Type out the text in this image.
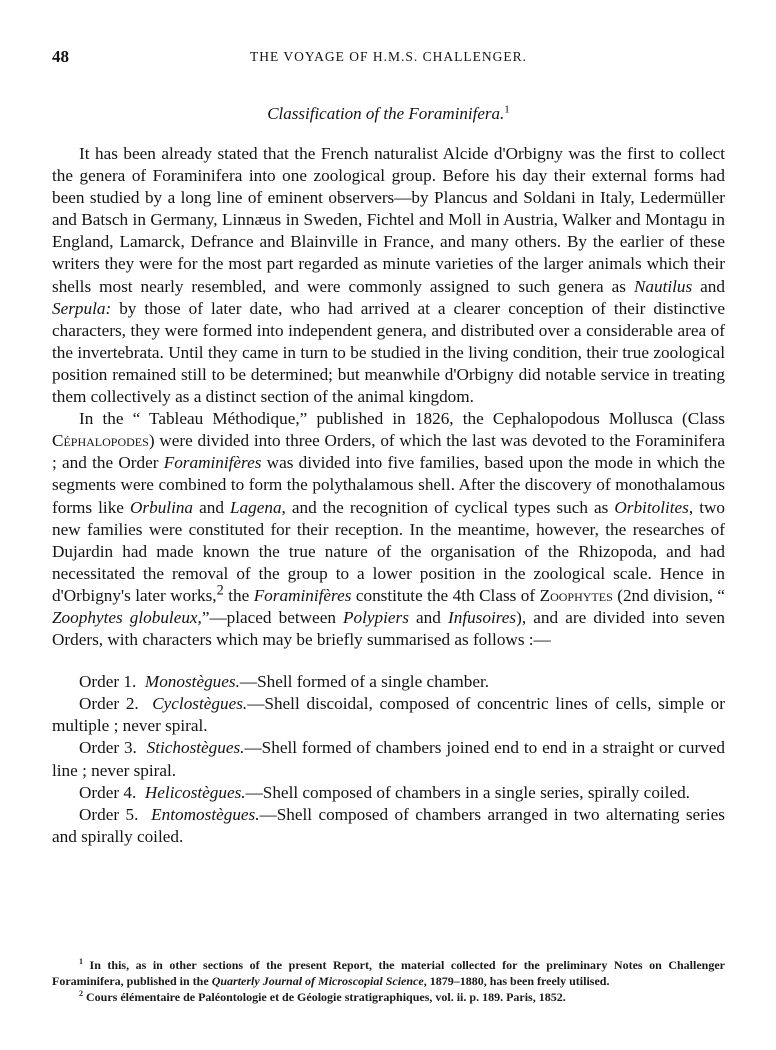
48	THE VOYAGE OF H.M.S. CHALLENGER.
Classification of the Foraminifera.$^1$

It has been already stated that the French naturalist Alcide d'Orbigny was the first to collect the genera of Foraminifera into one zoological group. Before his day their external forms had been studied by a long line of eminent observers—by Plancus and Soldani in Italy, Ledermüller and Batsch in Germany, Linnæus in Sweden, Fichtel and Moll in Austria, Walker and Montagu in England, Lamarck, Defrance and Blainville in France, and many others. By the earlier of these writers they were for the most part regarded as minute varieties of the larger animals which their shells most nearly resembled, and were commonly assigned to such genera as Nautilus and Serpula: by those of later date, who had arrived at a clearer conception of their distinctive characters, they were formed into independent genera, and distributed over a considerable area of the invertebrata. Until they came in turn to be studied in the living condition, their true zoological position remained still to be determined; but meanwhile d'Orbigny did notable service in treating them collectively as a distinct section of the animal kingdom.

In the “ Tableau Méthodique,” published in 1826, the Cephalopodous Mollusca (Class Céphalopodes) were divided into three Orders, of which the last was devoted to the Foraminifera ; and the Order Foraminifères was divided into five families, based upon the mode in which the segments were combined to form the polythalamous shell. After the discovery of monothalamous forms like Orbulina and Lagena, and the recognition of cyclical types such as Orbitolites, two new families were constituted for their reception. In the meantime, however, the researches of Dujardin had made known the true nature of the organisation of the Rhizopoda, and had necessitated the removal of the group to a lower position in the zoological scale. Hence in d'Orbigny's later works,$^2$ the Foraminifères constitute the 4th Class of Zoophytes (2nd division, “ Zoophytes globuleux,”—placed between Polypiers and Infusoires), and are divided into seven Orders, with characters which may be briefly summarised as follows :—

Order 1. Monostègues.—Shell formed of a single chamber.

Order 2. Cyclostègues.—Shell discoidal, composed of concentric lines of cells, simple or multiple ; never spiral.

Order 3. Stichostègues.—Shell formed of chambers joined end to end in a straight or curved line ; never spiral.

Order 4. Helicostègues.—Shell composed of chambers in a single series, spirally coiled.

Order 5. Entomostègues.—Shell composed of chambers arranged in two alternating series and spirally coiled.

$^1$ In this, as in other sections of the present Report, the material collected for the preliminary Notes on Challenger Foraminifera, published in the Quarterly Journal of Microscopial Science, 1879–1880, has been freely utilised.

$^2$ Cours élémentaire de Paléontologie et de Géologie stratigraphiques, vol. ii. p. 189. Paris, 1852.
